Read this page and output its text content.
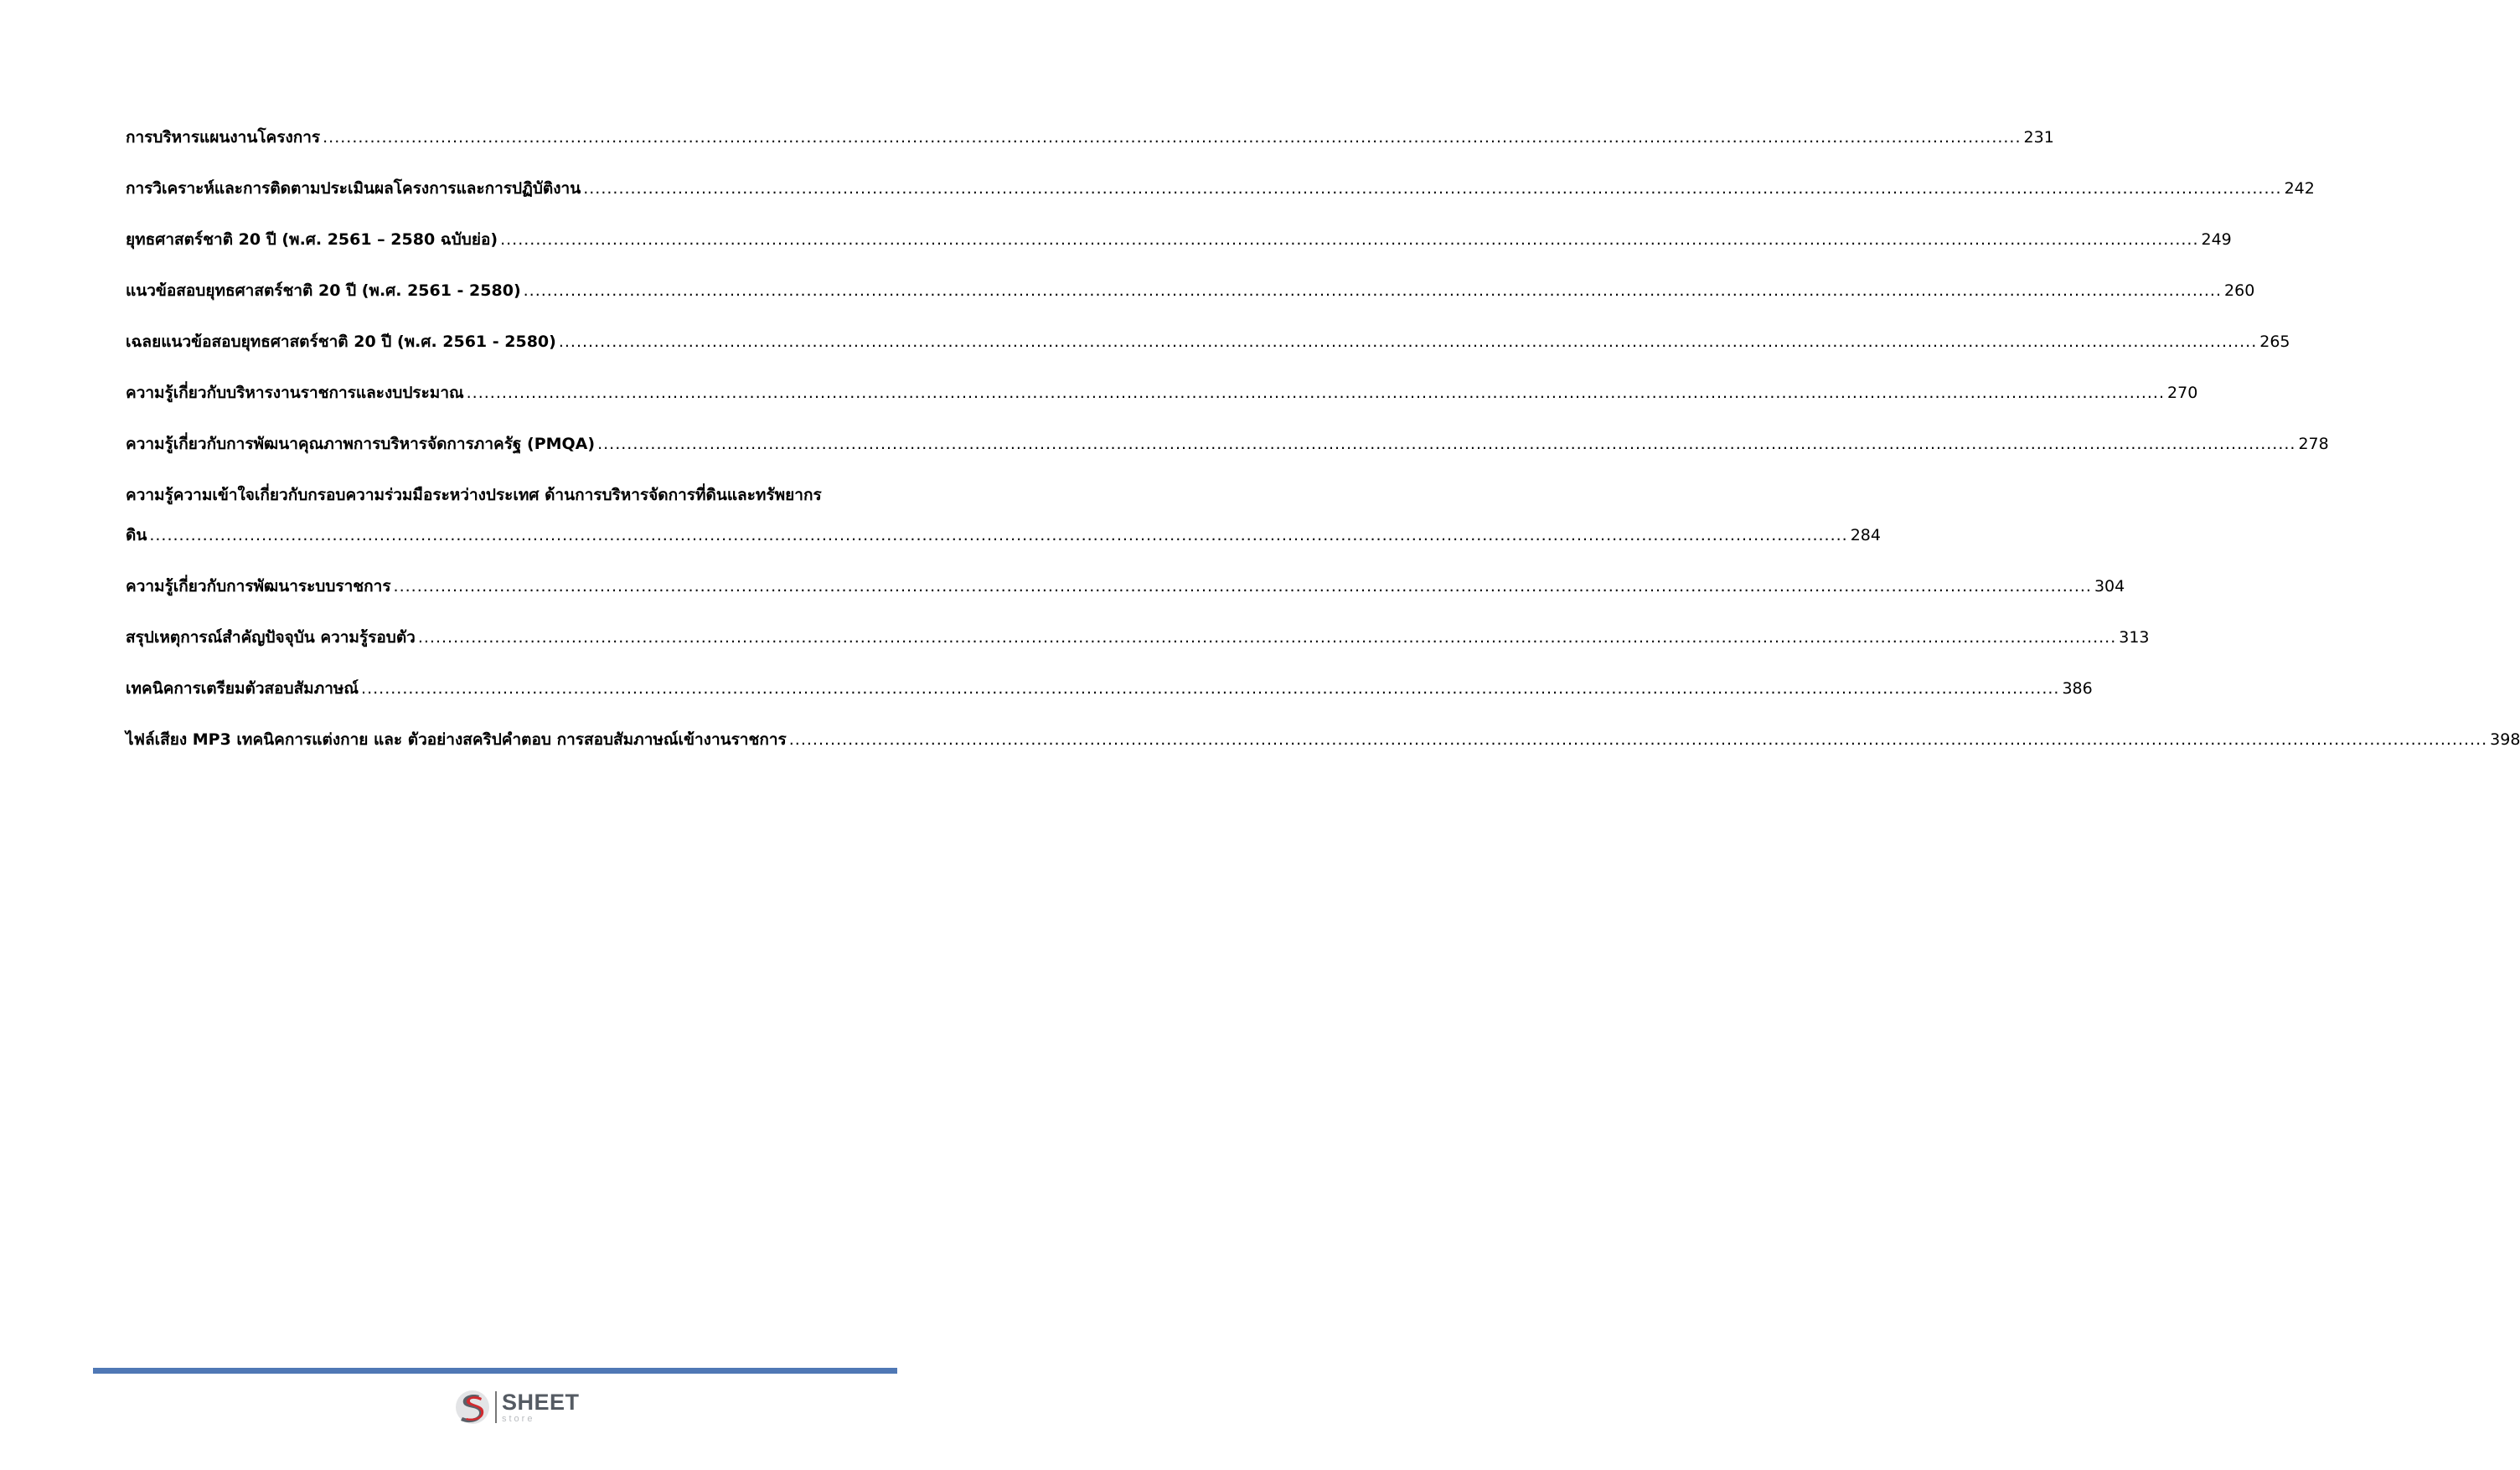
การบริหารแผนงานโครงการ .....	231
การวิเคราะห์และการติดตามประเมินผลโครงการและการปฏิบัติงาน .....	242
ยุทธศาสตร์ชาติ 20 ปี (พ.ศ. 2561 – 2580 ฉบับย่อ) .....	249
แนวข้อสอบยุทธศาสตร์ชาติ 20 ปี (พ.ศ. 2561 - 2580) .....	260
เฉลยแนวข้อสอบยุทธศาสตร์ชาติ 20 ปี (พ.ศ. 2561 - 2580) .....	265
ความรู้เกี่ยวกับบริหารงานราชการและงบประมาณ .....	270
ความรู้เกี่ยวกับการพัฒนาคุณภาพการบริหารจัดการภาครัฐ (PMQA) .....	278
ความรู้ความเข้าใจเกี่ยวกับกรอบความร่วมมือระหว่างประเทศ ด้านการบริหารจัดการที่ดินและทรัพยากร
ดิน .....	284
ความรู้เกี่ยวกับการพัฒนาระบบราชการ .....	304
สรุปเหตุการณ์สำคัญปัจจุบัน ความรู้รอบตัว .....	313
เทคนิคการเตรียมตัวสอบสัมภาษณ์ .....	386
ไฟล์เสียง MP3 เทคนิคการแต่งกาย และ ตัวอย่างสคริปคำตอบ การสอบสัมภาษณ์เข้างานราชการ .....	398
SHEET
store
